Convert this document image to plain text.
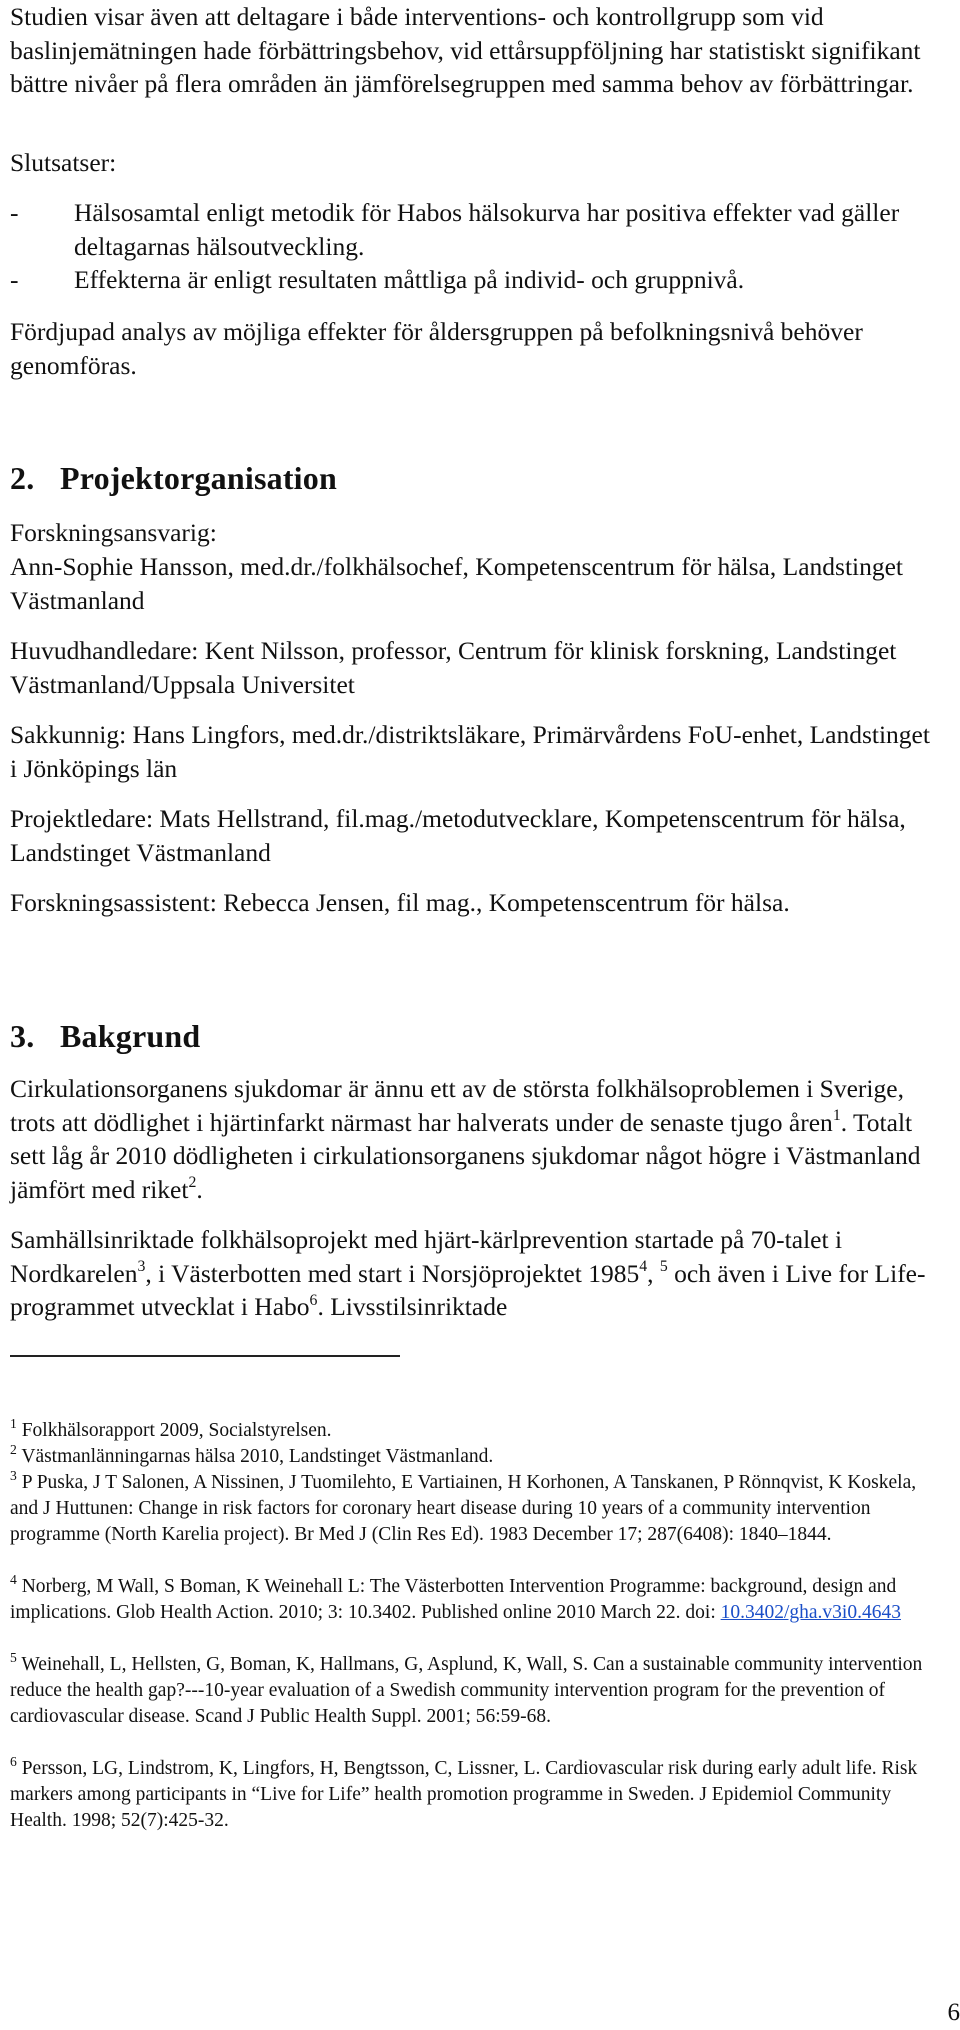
Studien visar även att deltagare i både interventions- och kontrollgrupp som vid baslinjemätningen hade förbättringsbehov, vid ettårsuppföljning har statistiskt signifikant bättre nivåer på flera områden än jämförelsegruppen med samma behov av förbättringar.

Slutsatser:

- Hälsosamtal enligt metodik för Habos hälsokurva har positiva effekter vad gäller deltagarnas hälsoutveckling.
- Effekterna är enligt resultaten måttliga på individ- och gruppnivå.

Fördjupad analys av möjliga effekter för åldersgruppen på befolkningsnivå behöver genomföras.

2. Projektorganisation

Forskningsansvarig:

Ann-Sophie Hansson, med.dr./folkhälsochef, Kompetenscentrum för hälsa, Landstinget Västmanland

Huvudhandledare: Kent Nilsson, professor, Centrum för klinisk forskning, Landstinget Västmanland/Uppsala Universitet

Sakkunnig: Hans Lingfors, med.dr./distriktsläkare, Primärvårdens FoU-enhet, Landstinget i Jönköpings län

Projektledare: Mats Hellstrand, fil.mag./metodutvecklare, Kompetenscentrum för hälsa, Landstinget Västmanland

Forskningsassistent: Rebecca Jensen, fil mag., Kompetenscentrum för hälsa.

3. Bakgrund

Cirkulationsorganens sjukdomar är ännu ett av de största folkhälsoproblemen i Sverige, trots att dödlighet i hjärtinfarkt närmast har halverats under de senaste tjugo åren$^1$. Totalt sett låg år 2010 dödligheten i cirkulationsorganens sjukdomar något högre i Västmanland jämfört med riket$^2$.

Samhällsinriktade folkhälsoprojekt med hjärt-kärlprevention startade på 70-talet i Nordkarelen$^3$, i Västerbotten med start i Norsjöprojektet 1985$^4$, $^5$ och även i Live for Life-programmet utvecklat i Habo$^6$. Livsstilsinriktade

$^1$ Folkhälsorapport 2009, Socialstyrelsen.

$^2$ Västmanlänningarnas hälsa 2010, Landstinget Västmanland.

$^3$ P Puska, J T Salonen, A Nissinen, J Tuomilehto, E Vartiainen, H Korhonen, A Tanskanen, P Rönnqvist, K Koskela, and J Huttunen: Change in risk factors for coronary heart disease during 10 years of a community intervention programme (North Karelia project). Br Med J (Clin Res Ed). 1983 December 17; 287(6408): 1840–1844.

$^4$ Norberg, M Wall, S Boman, K Weinehall L: The Västerbotten Intervention Programme: background, design and implications. Glob Health Action. 2010; 3: 10.3402. Published online 2010 March 22. doi: 10.3402/gha.v3i0.4643

$^5$ Weinehall, L, Hellsten, G, Boman, K, Hallmans, G, Asplund, K, Wall, S. Can a sustainable community intervention reduce the health gap?---10-year evaluation of a Swedish community intervention program for the prevention of cardiovascular disease. Scand J Public Health Suppl. 2001; 56:59-68.

$^6$ Persson, LG, Lindstrom, K, Lingfors, H, Bengtsson, C, Lissner, L. Cardiovascular risk during early adult life. Risk markers among participants in “Live for Life” health promotion programme in Sweden. J Epidemiol Community Health. 1998; 52(7):425-32.

6
